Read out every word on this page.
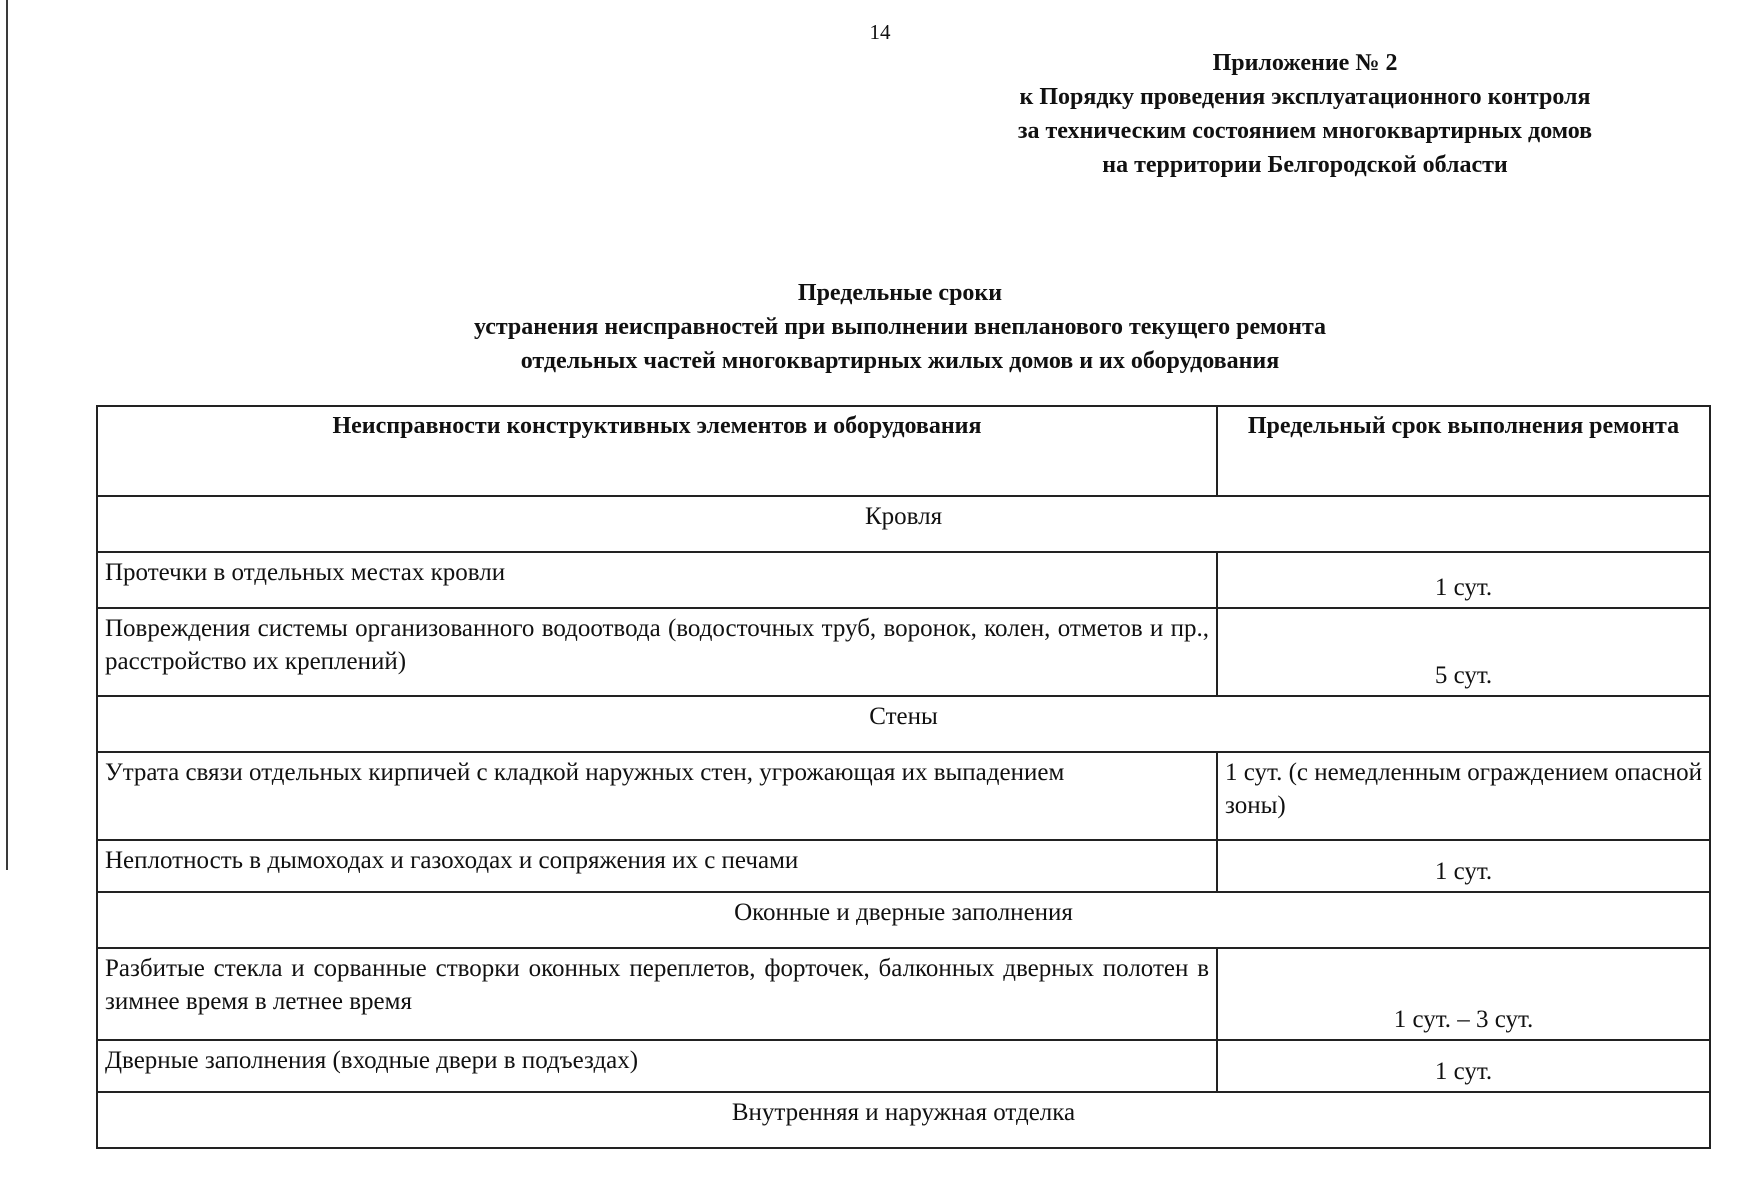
14
Приложение № 2
к Порядку проведения эксплуатационного контроля
за техническим состоянием многоквартирных домов
на территории Белгородской области
Предельные сроки
устранения неисправностей при выполнении внепланового текущего ремонта
отдельных частей многоквартирных жилых домов и их оборудования
Неисправности конструктивных элементов и оборудования	Предельный срок выполнения ремонта
Кровля	
Протечки в отдельных местах кровли	1 сут.
Повреждения системы организованного водоотвода (водосточных труб, воронок, колен, отметов и пр., расстройство их креплений)	5 сут.
Стены	
Утрата связи отдельных кирпичей с кладкой наружных стен, угрожающая их выпадением	1 сут. (с немедленным ограждением опасной зоны)
Неплотность в дымоходах и газоходах и сопряжения их с печами	1 сут.
Оконные и дверные заполнения	
Разбитые стекла и сорванные створки оконных переплетов, форточек, балконных дверных полотен в зимнее время в летнее время	1 сут. – 3 сут.
Дверные заполнения (входные двери в подъездах)	1 сут.
Внутренняя и наружная отделка	
